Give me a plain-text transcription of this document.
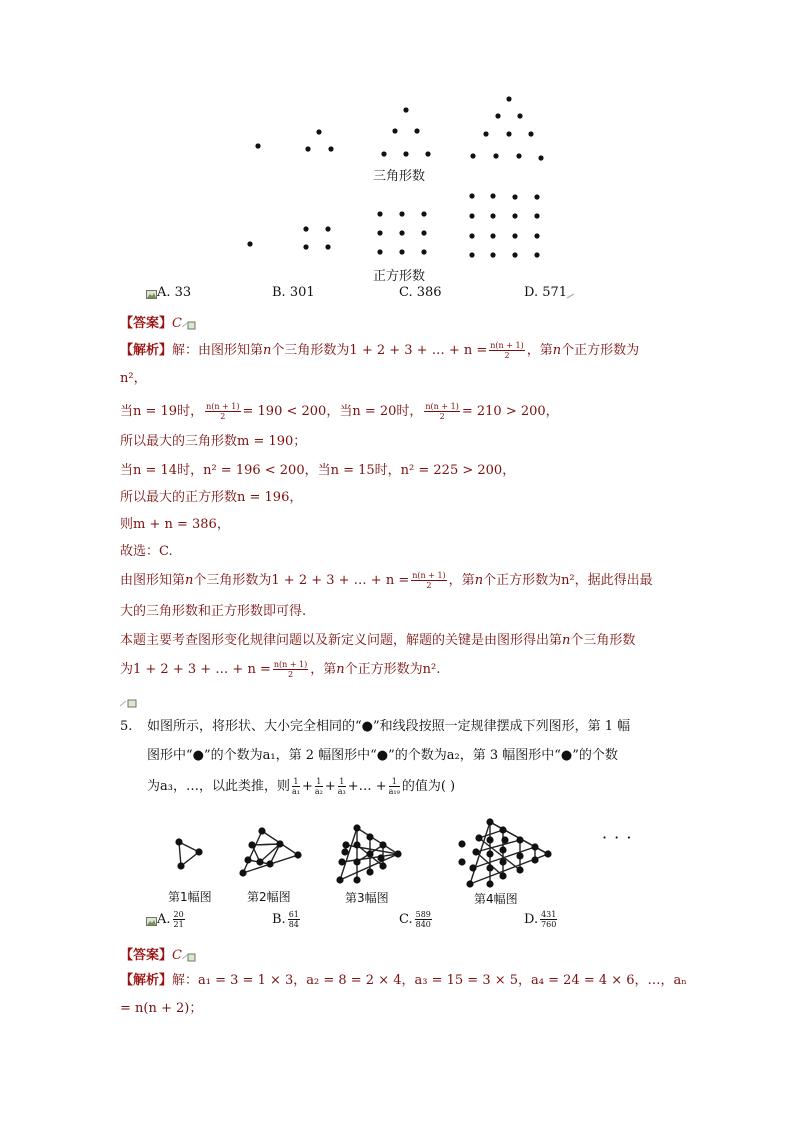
三角形数
正方形数
A. 33	B. 301	C. 386	D. 571
【答案】C
【解析】解：由图形知第n个三角形数为1 + 2 + 3 + … + $n = \frac{n(n + 1)}{2}$ ，第n个正方形数为
n²，
当n = 19时， $\frac{n(n + 1)}{2} = 190 < 200$，当n = 20时， $\frac{n(n + 1)}{2} = 210 > 200$，
所以最大的三角形数m = 190；
当n = 14时，n² = 196 < 200，当n = 15时，n² = 225 > 200，
所以最大的正方形数n = 196，
则m + n = 386，
故选：C.
由图形知第n个三角形数为1 + 2 + 3 + … + $n = \frac{n(n + 1)}{2}$ ，第n个正方形数为n²，据此得出最
大的三角形数和正方形数即可得.
本题主要考查图形变化规律问题以及新定义问题，解题的关键是由图形得出第n个三角形数
为1 + 2 + 3 + … + $n = \frac{n(n + 1)}{2}$ ，第n个正方形数为n².
5. 如图所示，将形状、大小完全相同的“●”和线段按照一定规律摆成下列图形，第 1 幅
图形中“●”的个数为a₁，第 2 幅图形中“●”的个数为a₂，第 3 幅图形中“●”的个数
为a₃，…，以此类推，则 $\frac{1}{\text{a₁}} + \frac{1}{\text{a₂}} + \frac{1}{\text{a₃}}$ +… + $\frac{1}{\text{a₁₉}}$ 的值为( )
· · ·
第1幅图	第2幅图	第3幅图	第4幅图
A. $\frac{20}{21}$	B. $\frac{61}{84}$	C. $\frac{589}{840}$	D. $\frac{431}{760}$
【答案】C
【解析】解：a₁ = 3 = 1 × 3，a₂ = 8 = 2 × 4，a₃ = 15 = 3 × 5，a₄ = 24 = 4 × 6，…，aₙ
= n(n + 2)；
